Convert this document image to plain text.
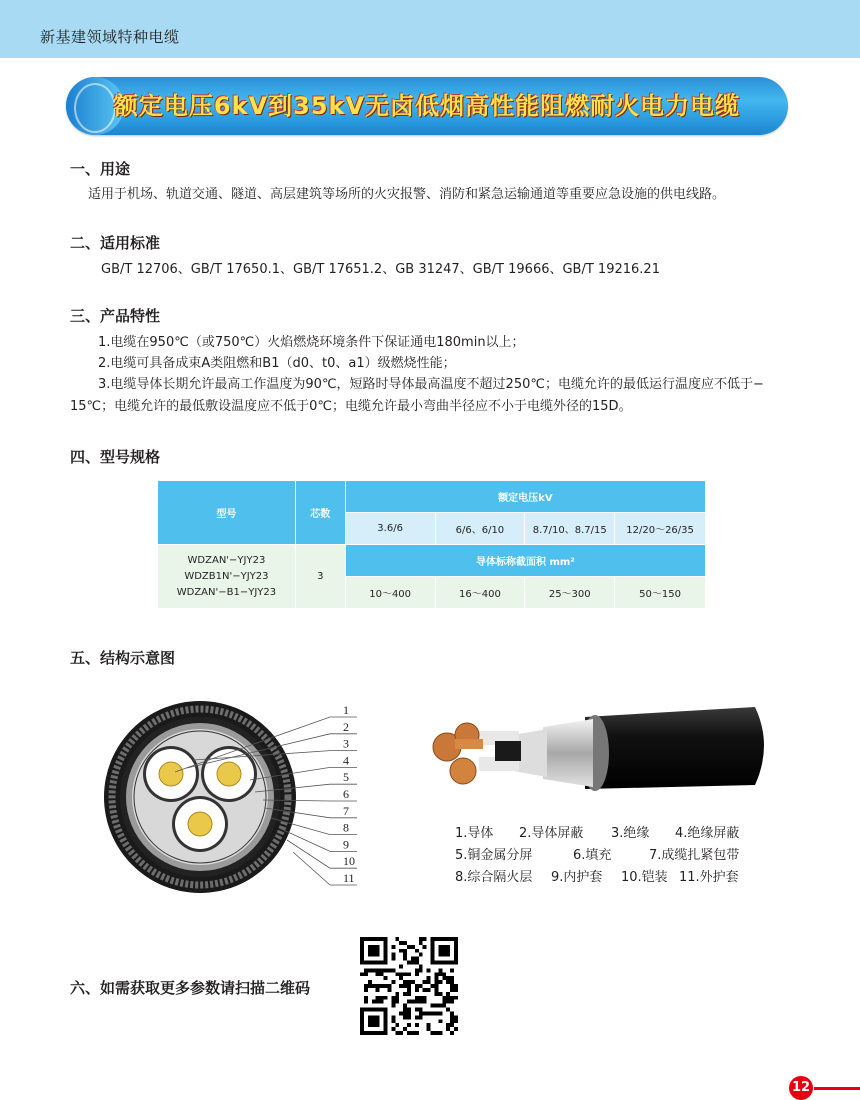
新基建领域特种电缆
额定电压6kV到35kV无卤低烟高性能阻燃耐火电力电缆
一、用途
适用于机场、轨道交通、隧道、高层建筑等场所的火灾报警、消防和紧急运输通道等重要应急设施的供电线路。
二、适用标准
GB/T 12706、GB/T 17650.1、GB/T 17651.2、GB 31247、GB/T 19666、GB/T 19216.21
三、产品特性
1.电缆在950℃（或750℃）火焰燃烧环境条件下保证通电180min以上；
2.电缆可具备成束A类阻燃和B1（d0、t0、a1）级燃烧性能；
3.电缆导体长期允许最高工作温度为90℃，短路时导体最高温度不超过250℃；电缆允许的最低运行温度应不低于−
15℃；电缆允许的最低敷设温度应不低于0℃；电缆允许最小弯曲半径应不小于电缆外径的15D。
四、型号规格
型号	芯数	额定电压kV			
		3.6/6	6/6、6/10	8.7/10、8.7/15	12/20～26/35

WDZAN'−YJY23
WDZB1N'−YJY23
WDZAN'−B1−YJY23	3	导体标称截面积 mm²			
		10～400	16～400	25～300	50～150
五、结构示意图
1
2
3
4
5
6
7
8
9
10
11
1.导体 2.导体屏蔽 3.绝缘 4.绝缘屏蔽
5.铜金属分屏	6.填充	7.成缆扎紧包带
8.综合隔火层 9.内护套 10.铠装 11.外护套
六、如需获取更多参数请扫描二维码
12
